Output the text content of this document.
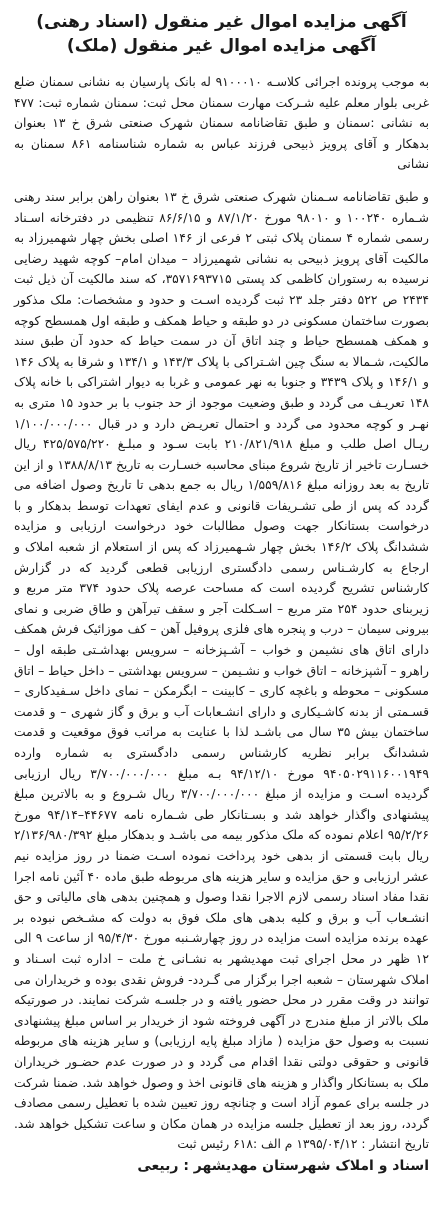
آگهی مزایده اموال غیر منقول (اسناد رهنی)
آگهی مزایده اموال غیر منقول (ملک)

به موجب پرونده اجرائی کلاسـه ۹۱۰۰۰۱۰ له بانک پارسیان به نشانی سمنان ضلع غربی بلوار معلم علیه شـرکت مهارت سمنان محل ثبت: سمنان شماره ثبت: ۴۷۷ به نشانی :سمنان و طبق تقاضانامه سمنان شهرک صنعتی شرق خ ۱۳ بعنوان بدهکار و آقای پرویز ذبیحی فرزند عباس به شماره شناسنامه ۸۶۱ سمنان به نشانی

و طبق تقاضانامه سـمنان شهرک صنعتی شرق خ ۱۳ بعنوان راهن برابر سند رهنی شـماره ۱۰۰۲۴۰ و ۹۸۰۱۰ مورخ ۸۷/۱/۲۰ و ۸۶/۶/۱۵ تنظیمی در دفترخانه اسـناد رسمی شماره ۴ سمنان پلاک ثبتی ۲ فرعی از ۱۴۶ اصلی بخش چهار شهمیرزاد به مالکیت آقای پرویز ذبیحی به نشانی شهمیرزاد – میدان امام– کوچه شهید رضایی نرسیده به رستوران کاظمی کد پستی ۳۵۷۱۶۹۳۷۱۵، که سند مالکیت آن ذیل ثبت ۲۴۳۴ ص ۵۲۲ دفتر جلد ۲۳ ثبت گردیده اسـت و حدود و مشخصات: ملک مذکور بصورت ساختمان مسکونی در دو طبقه و حیاط همکف و طبقه اول همسطح کوچه و همکف همسطح حیاط و چند اتاق آن در سمت حیاط که حدود آن طبق سند مالکیت، شـمالا به سنگ چین اشـتراکی با پلاک ۱۴۳/۳ و ۱۳۴/۱ و شرقا به پلاک ۱۴۶ و ۱۴۶/۱ و پلاک ۳۴۳۹ و جنوبا به نهر عمومی و غربا به دیوار اشتراکی با خانه پلاک ۱۴۸ تعریـف می گردد و طبق وضعیت موجود از حد جنوب با بر حدود ۱۵ متری به نهـر و کوچه محدود می گردد و احتمال تعریـض دارد و در قبال ۱/۱۰۰/۰۰۰/۰۰۰ ریـال اصل طلب و مبلغ ۲۱۰/۸۲۱/۹۱۸ بابت سـود و مبلـغ ۴۲۵/۵۷۵/۲۲۰ ریال خسـارت تاخیر از تاریخ شروع مبنای محاسبه خسـارت به تاریخ ۱۳۸۸/۸/۱۳ و از این تاریخ به بعد روزانه مبلغ ۱/۵۵۹/۸۱۶ ریال به جمع بدهی تا تاریخ وصول اضافه می گردد که پس از طی تشـریفات قانونی و عدم ایفای تعهدات توسط بدهکار و با درخواست بستانکار جهت وصول مطالبات خود درخواست ارزیابی و مزایده ششدانگ پلاک ۱۴۶/۲ بخش چهار شـهمیرزاد که پس از استعلام از شعبه املاک و ارجاع به کارشـناس رسمی دادگستری ارزیابی قطعی گردید که در گزارش کارشناس تشریح گردیده است که مساحت عرصه پلاک حدود ۳۷۴ متر مربع و زیربنای حدود ۲۵۴ متر مربع – اسـکلت آجر و سقف تیرآهن و طاق ضربی و نمای بیرونی سیمان – درب و پنجره های فلزی پروفیل آهن – کف موزائیک فرش همکف دارای اتاق های نشیمن و خواب – آشـپزخانه – سرویس بهداشـتی طبقه اول – راهرو – آشپزخانه – اتاق خواب و نشـیمن – سرویس بهداشتی – داخل حیاط – اتاق مسکونی – محوطه و باغچه کاری – کابینت – ابگرمکن – نمای داخل سـفیدکاری – قسـمتی از بدنه کاشـیکاری و دارای انشـعابات آب و برق و گاز شهری – و قدمت ساختمان بیش ۳۵ سال می باشـد لذا با عنایت به مراتب فوق موقعیت و قدمت ششدانگ برابر نظریه کارشناس رسمی دادگستری به شماره وارده ۹۴۰۵۰۲۹۱۱۶۰۰۱۹۴۹ مورخ ۹۴/۱۲/۱۰ بـه مبلغ ۳/۷۰۰/۰۰۰/۰۰۰ ریال ارزیابی گردیده اسـت و مزایده از مبلغ ۳/۷۰۰/۰۰۰/۰۰۰ ریال شـروع و به بالاترین مبلغ پیشنهادی واگذار خواهد شد و بسـتانکار طی شـماره نامه ۴۴۶۷۷–۹۴/۱۴ مورخ ۹۵/۲/۲۶ اعلام نموده که ملک مذکور بیمه می باشـد و بدهکار مبلغ ۲/۱۳۶/۹۸۰/۳۹۲ ریال بابت قسمتی از بدهی خود پرداخت نموده اسـت ضمنا در روز مزایده نیم عشر ارزیابی و حق مزایده و سایر هزینه های مربوطه طبق ماده ۴۰ آئین نامه اجرا نقدا مفاد اسناد رسمی لازم الاجرا نقدا وصول و همچنین بدهی های مالیاتی و حق انشـعاب آب و برق و کلیه بدهی های ملک فوق به دولت که مشـخص نبوده بر عهده برنده مزایده است مزایده در روز چهارشـنبه مورخ ۹۵/۴/۳۰ از ساعت ۹ الی ۱۲ ظهر در محل اجرای ثبت مهدیشهر به نشـانی خ ملت – اداره ثبت اسـناد و املاک شهرستان – شعبه اجرا برگزار می گـردد- فروش نقدی بوده و خریداران می توانند در وقت مقرر در محل حضور یافته و در جلسـه شرکت نمایند. در صورتیکه ملک بالاتر از مبلغ مندرج در آگهی فروخته شود از خریدار بر اساس مبلغ پیشنهادی نسبت به وصول حق مزایده ( مازاد مبلغ پایه ارزیابی) و سایر هزینه های مربوطه قانونی و حقوقی دولتی نقدا اقدام می گردد و در صورت عدم حضـور خریداران ملک به بستانکار واگذار و هزینه های قانونی اخذ و وصول خواهد شد. ضمنا شرکت در جلسه برای عموم آزاد است و چنانچه روز تعیین شده با تعطیل رسمی مصادف گردد، روز بعد از تعطیل جلسه مزایده در همان مکان و ساعت تشکیل خواهد شد. تاریخ انتشار : ۱۳۹۵/۰۴/۱۲ م الف :۶۱۸ رئیس ثبت

اسناد و املاک شهرستان مهدیشهر : ربیعی
